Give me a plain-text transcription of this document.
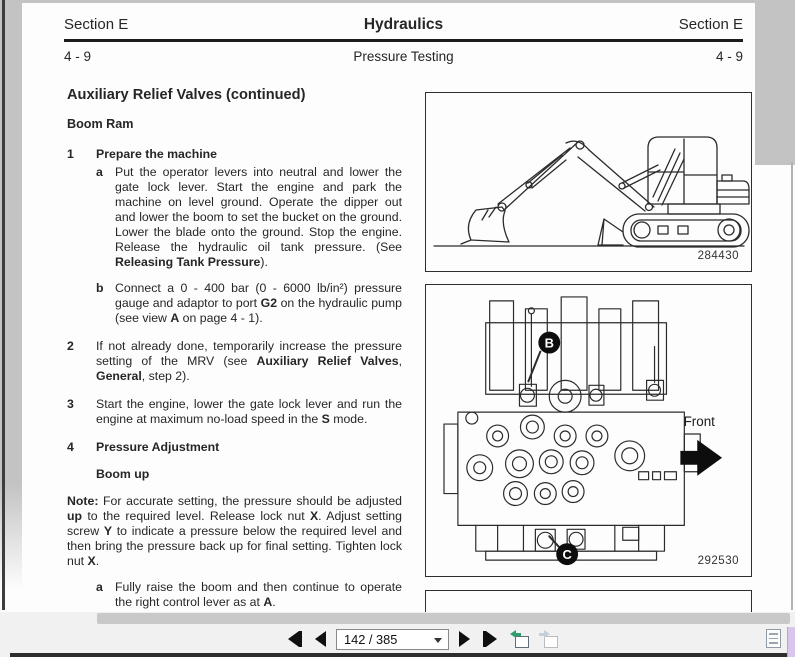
Section E	Hydraulics	Section E
4 - 9	Pressure Testing	4 - 9
Auxiliary Relief Valves (continued)
Boom Ram
1	Prepare the machine
a Put the operator levers into neutral and lower the gate lock lever. Start the engine and park the machine on level ground. Operate the dipper out and lower the boom to set the bucket on the ground. Lower the blade onto the ground. Stop the engine. Release the hydraulic oil tank pressure. (See Releasing Tank Pressure).

b Connect a 0 - 400 bar (0 - 6000 lb/in²) pressure gauge and adaptor to port G2 on the hydraulic pump (see view A on page 4 - 1).

2	If not already done, temporarily increase the pressure setting of the MRV (see Auxiliary Relief Valves, General, step 2).

3	Start the engine, lower the gate lock lever and run the engine at maximum no-load speed in the S mode.

4	Pressure Adjustment
Boom up

Note: For accurate setting, the pressure should be adjusted up to the required level. Release lock nut X. Adjust setting screw Y to indicate a pressure below the required level and then bring the pressure back up for final setting. Tighten lock nut X.

a Fully raise the boom and then continue to operate the right control lever as at A.

284430
B
C
Front
292530
142 / 385
